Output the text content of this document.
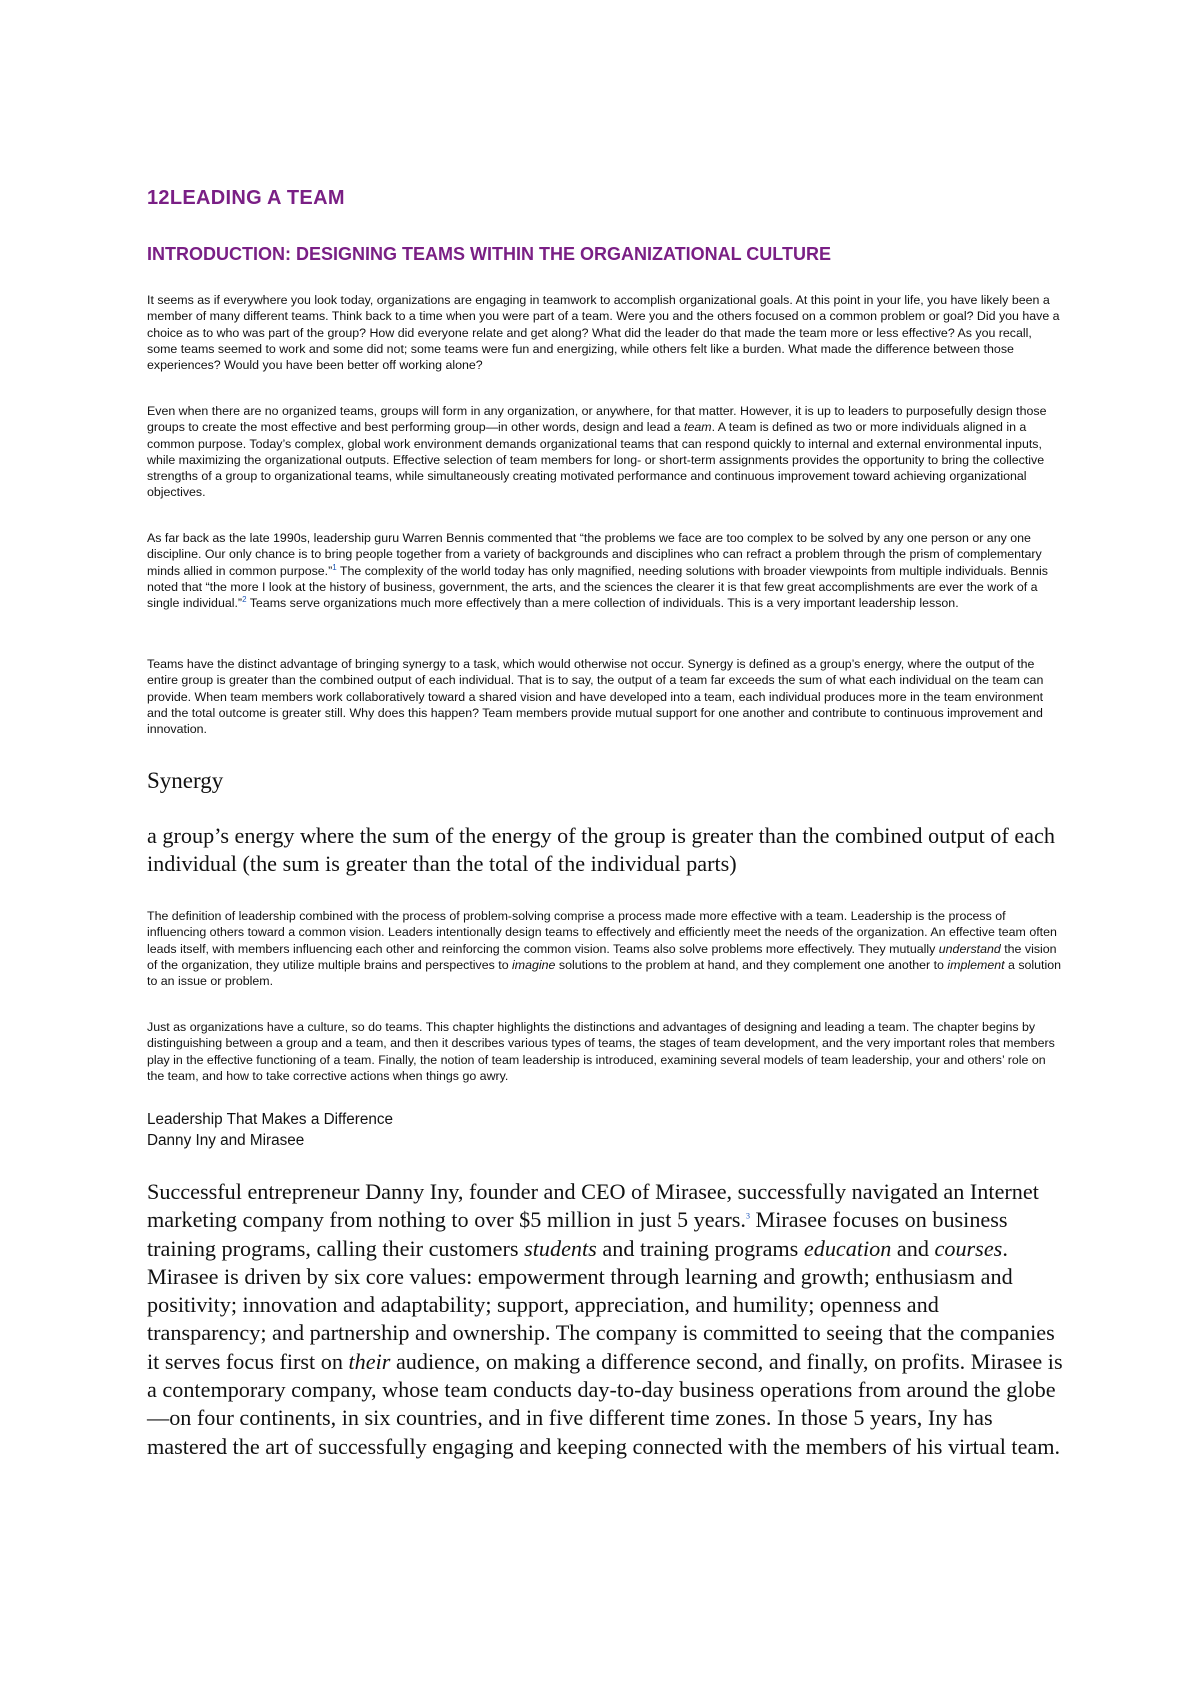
12LEADING A TEAM
INTRODUCTION: DESIGNING TEAMS WITHIN THE ORGANIZATIONAL CULTURE

It seems as if everywhere you look today, organizations are engaging in teamwork to accomplish organizational goals. At this point in your life, you have likely been a member of many different teams. Think back to a time when you were part of a team. Were you and the others focused on a common problem or goal? Did you have a choice as to who was part of the group? How did everyone relate and get along? What did the leader do that made the team more or less effective? As you recall, some teams seemed to work and some did not; some teams were fun and energizing, while others felt like a burden. What made the difference between those experiences? Would you have been better off working alone?

Even when there are no organized teams, groups will form in any organization, or anywhere, for that matter. However, it is up to leaders to purposefully design those groups to create the most effective and best performing group—in other words, design and lead a team. A team is defined as two or more individuals aligned in a common purpose. Today’s complex, global work environment demands organizational teams that can respond quickly to internal and external environmental inputs, while maximizing the organizational outputs. Effective selection of team members for long- or short-term assignments provides the opportunity to bring the collective strengths of a group to organizational teams, while simultaneously creating motivated performance and continuous improvement toward achieving organizational objectives.

As far back as the late 1990s, leadership guru Warren Bennis commented that “the problems we face are too complex to be solved by any one person or any one discipline. Our only chance is to bring people together from a variety of backgrounds and disciplines who can refract a problem through the prism of complementary minds allied in common purpose.”$^1$ The complexity of the world today has only magnified, needing solutions with broader viewpoints from multiple individuals. Bennis noted that “the more I look at the history of business, government, the arts, and the sciences the clearer it is that few great accomplishments are ever the work of a single individual.”$^2$ Teams serve organizations much more effectively than a mere collection of individuals. This is a very important leadership lesson.

Teams have the distinct advantage of bringing synergy to a task, which would otherwise not occur. Synergy is defined as a group’s energy, where the output of the entire group is greater than the combined output of each individual. That is to say, the output of a team far exceeds the sum of what each individual on the team can provide. When team members work collaboratively toward a shared vision and have developed into a team, each individual produces more in the team environment and the total outcome is greater still. Why does this happen? Team members provide mutual support for one another and contribute to continuous improvement and innovation.

Synergy

a group’s energy where the sum of the energy of the group is greater than the combined output of each individual (the sum is greater than the total of the individual parts)

The definition of leadership combined with the process of problem-solving comprise a process made more effective with a team. Leadership is the process of influencing others toward a common vision. Leaders intentionally design teams to effectively and efficiently meet the needs of the organization. An effective team often leads itself, with members influencing each other and reinforcing the common vision. Teams also solve problems more effectively. They mutually understand the vision of the organization, they utilize multiple brains and perspectives to imagine solutions to the problem at hand, and they complement one another to implement a solution to an issue or problem.

Just as organizations have a culture, so do teams. This chapter highlights the distinctions and advantages of designing and leading a team. The chapter begins by distinguishing between a group and a team, and then it describes various types of teams, the stages of team development, and the very important roles that members play in the effective functioning of a team. Finally, the notion of team leadership is introduced, examining several models of team leadership, your and others’ role on the team, and how to take corrective actions when things go awry.

Leadership That Makes a Difference

Danny Iny and Mirasee

Successful entrepreneur Danny Iny, founder and CEO of Mirasee, successfully navigated an Internet marketing company from nothing to over $5 million in just 5 years.$^3$ Mirasee focuses on business training programs, calling their customers students and training programs education and courses. Mirasee is driven by six core values: empowerment through learning and growth; enthusiasm and positivity; innovation and adaptability; support, appreciation, and humility; openness and transparency; and partnership and ownership. The company is committed to seeing that the companies it serves focus first on their audience, on making a difference second, and finally, on profits. Mirasee is a contemporary company, whose team conducts day-to-day business operations from around the globe—on four continents, in six countries, and in five different time zones. In those 5 years, Iny has mastered the art of successfully engaging and keeping connected with the members of his virtual team.
